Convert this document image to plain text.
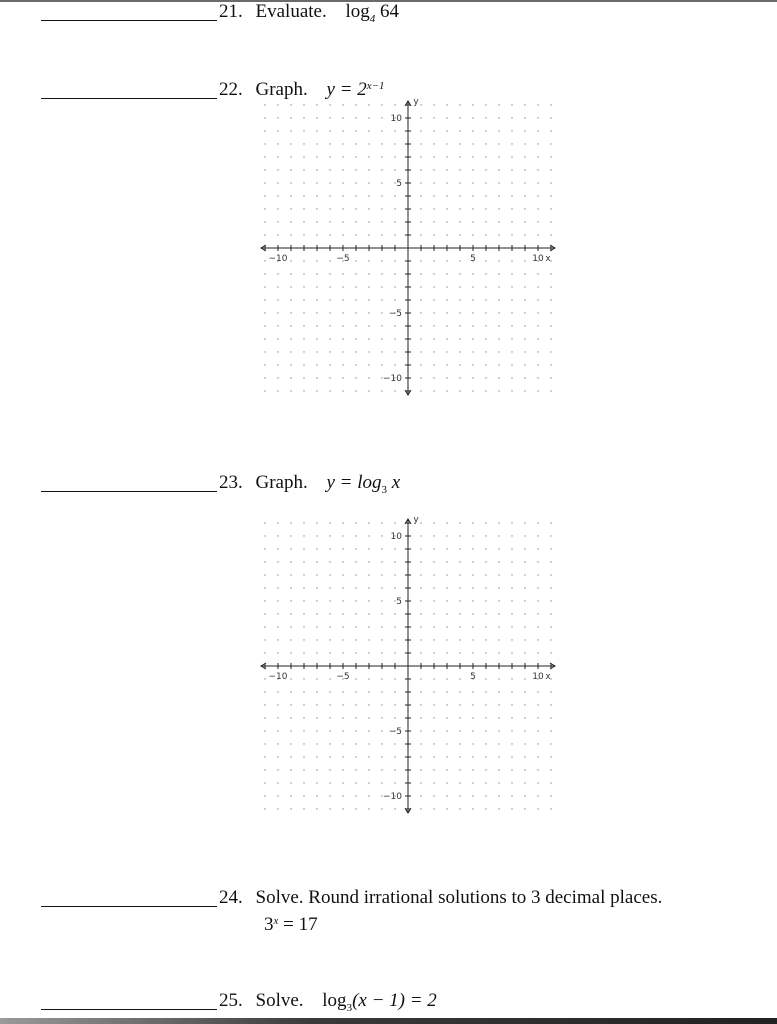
21. Evaluate. $\log_4 64$
22. Graph. $y = 2^{x-1}$
−10	−5	5	10
10
5
−5
−10
x
y
23. Graph. $y = \log_3 x$
−10	−5	5	10
10
5
−5
−10
x
y
24. Solve. Round irrational solutions to 3 decimal places.
$3^x = 17$
25. Solve. $\log_3(x - 1) = 2$
